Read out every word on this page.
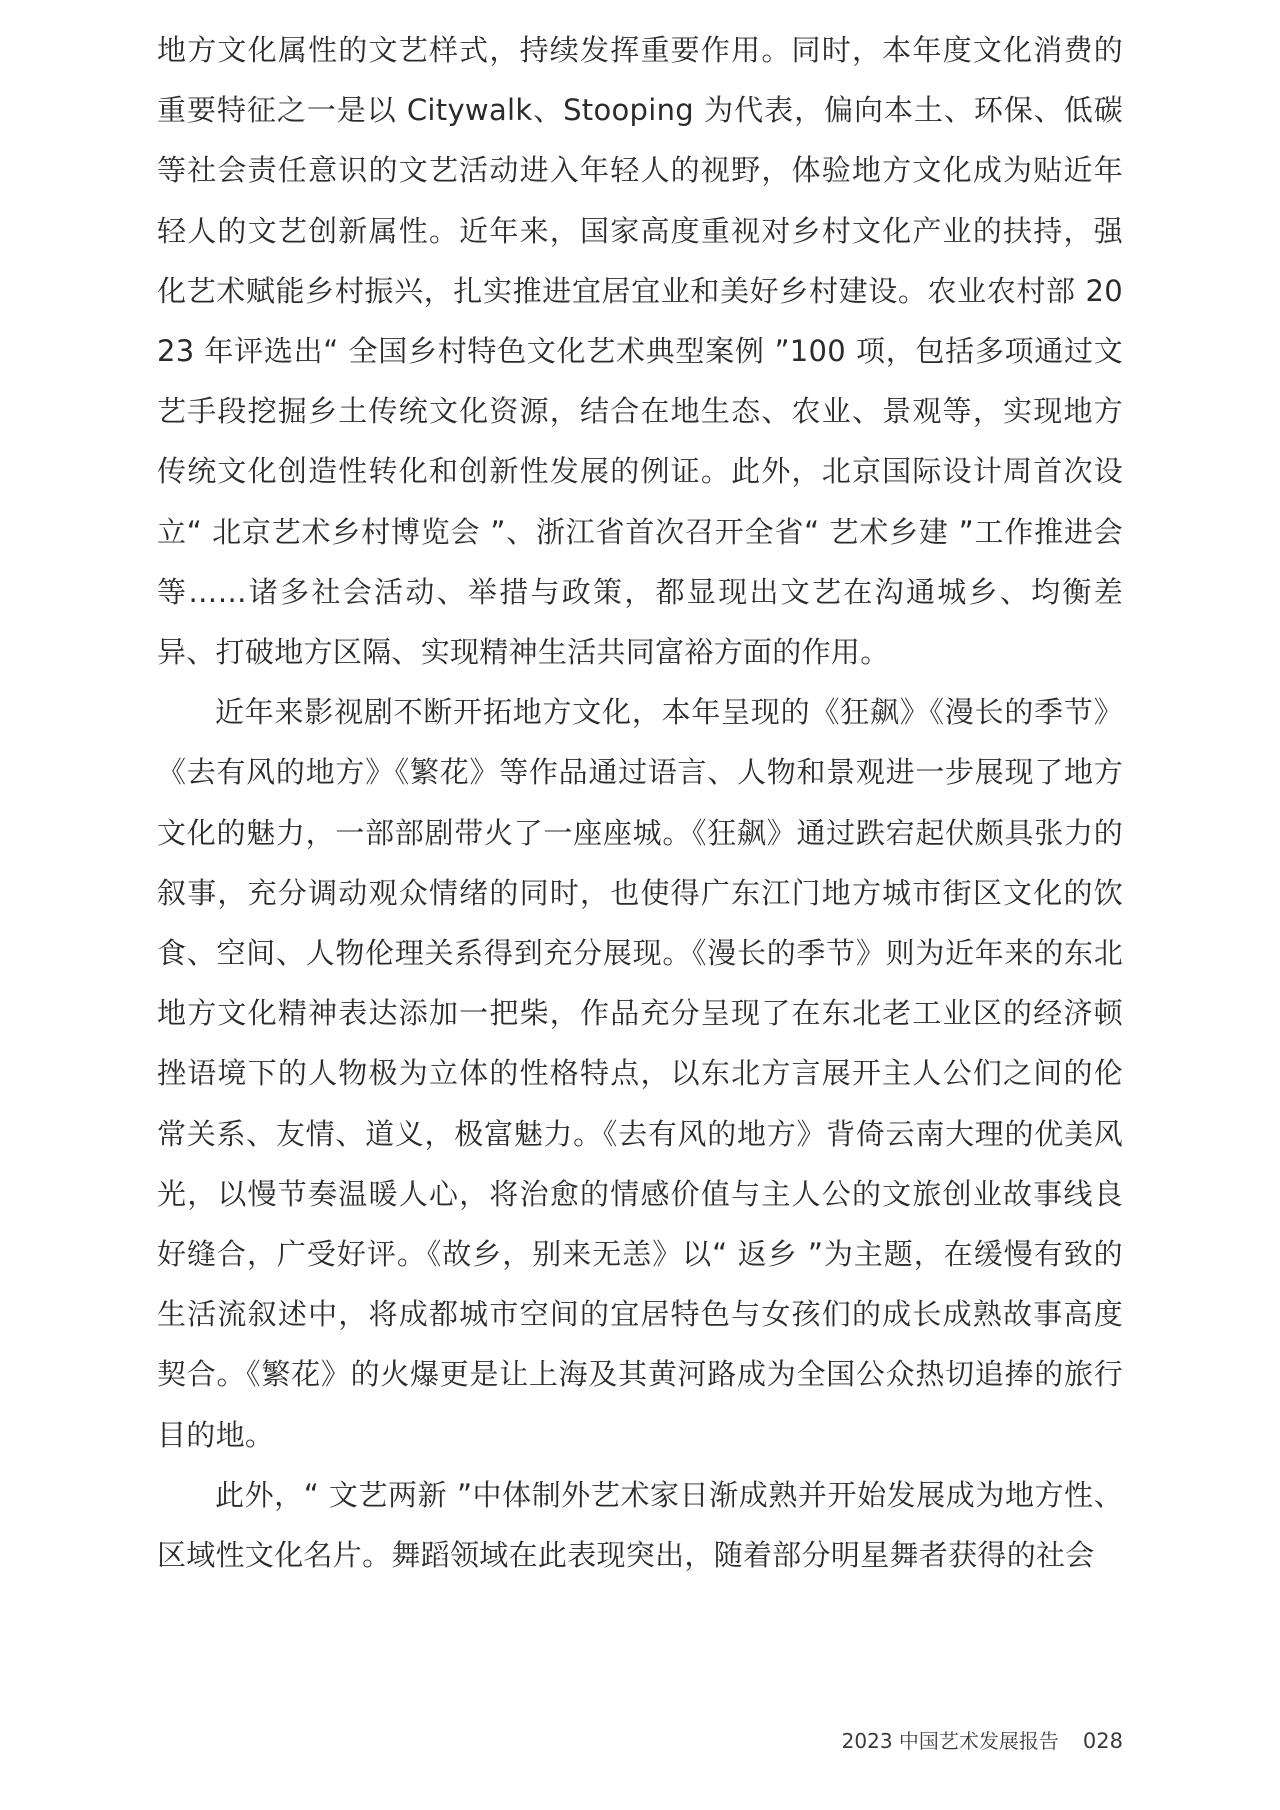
地方文化属性的文艺样式，持续发挥重要作用。同时，本年度文化消费的重要特征之一是以 Citywalk、Stooping 为代表，偏向本土、环保、低碳等社会责任意识的文艺活动进入年轻人的视野，体验地方文化成为贴近年轻人的文艺创新属性。近年来，国家高度重视对乡村文化产业的扶持，强化艺术赋能乡村振兴，扎实推进宜居宜业和美好乡村建设。农业农村部 2023 年评选出“ 全国乡村特色文化艺术典型案例 ”100 项，包括多项通过文艺手段挖掘乡土传统文化资源，结合在地生态、农业、景观等，实现地方传统文化创造性转化和创新性发展的例证。此外，北京国际设计周首次设立“ 北京艺术乡村博览会 ”、浙江省首次召开全省“ 艺术乡建 ”工作推进会等……诸多社会活动、举措与政策，都显现出文艺在沟通城乡、均衡差异、打破地方区隔、实现精神生活共同富裕方面的作用。

近年来影视剧不断开拓地方文化，本年呈现的《狂飙》《漫长的季节》《去有风的地方》《繁花》等作品通过语言、人物和景观进一步展现了地方文化的魅力，一部部剧带火了一座座城。《狂飙》通过跌宕起伏颇具张力的叙事，充分调动观众情绪的同时，也使得广东江门地方城市街区文化的饮食、空间、人物伦理关系得到充分展现。《漫长的季节》则为近年来的东北地方文化精神表达添加一把柴，作品充分呈现了在东北老工业区的经济顿挫语境下的人物极为立体的性格特点，以东北方言展开主人公们之间的伦常关系、友情、道义，极富魅力。《去有风的地方》背倚云南大理的优美风光，以慢节奏温暖人心，将治愈的情感价值与主人公的文旅创业故事线良好缝合，广受好评。《故乡，别来无恙》以“ 返乡 ”为主题，在缓慢有致的生活流叙述中，将成都城市空间的宜居特色与女孩们的成长成熟故事高度契合。《繁花》的火爆更是让上海及其黄河路成为全国公众热切追捧的旅行目的地。

此外，“ 文艺两新 ”中体制外艺术家日渐成熟并开始发展成为地方性、区域性文化名片。舞蹈领域在此表现突出，随着部分明星舞者获得的社会

2023 中国艺术发展报告 028
